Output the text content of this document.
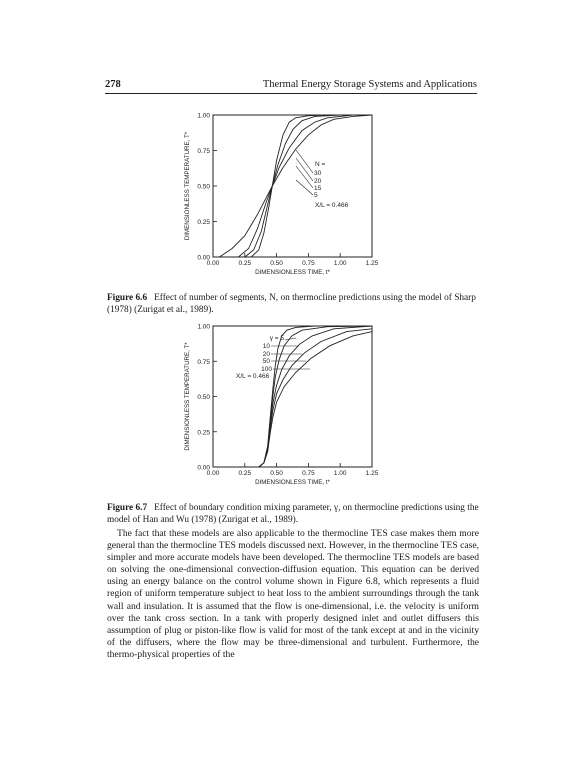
278	Thermal Energy Storage Systems and Applications
0.00	0.25	0.50	0.75	1.00	1.25
0.00
0.25
0.50
0.75
1.00
DIMENSIONLESS TIME, t*
DIMENSIONLESS TEMPERATURE, T*	N =
30
20
15
5
X/L = 0.466
Figure 6.6 Effect of number of segments, N, on thermocline predictions using the model of Sharp (1978) (Zurigat et al., 1989).
0.00	0.25	0.50	0.75	1.00	1.25
0.00
0.25
0.50
0.75
1.00
DIMENSIONLESS TIME, t*
DIMENSIONLESS TEMPERATURE, T*
γ = 5
10
20
50
100
X/L = 0.466
Figure 6.7 Effect of boundary condition mixing parameter, γ, on thermocline predictions using the model of Han and Wu (1978) (Zurigat et al., 1989).

The fact that these models are also applicable to the thermocline TES case makes them more general than the thermocline TES models discussed next. However, in the thermocline TES case, simpler and more accurate models have been developed. The thermocline TES models are based on solving the one-dimensional convection-diffusion equation. This equation can be derived using an energy balance on the control volume shown in Figure 6.8, which represents a fluid region of uniform temperature subject to heat loss to the ambient surroundings through the tank wall and insulation. It is assumed that the flow is one-dimensional, i.e. the velocity is uniform over the tank cross section. In a tank with properly designed inlet and outlet diffusers this assumption of plug or piston-like flow is valid for most of the tank except at and in the vicinity of the diffusers, where the flow may be three-dimensional and turbulent. Furthermore, the thermo-physical properties of the
